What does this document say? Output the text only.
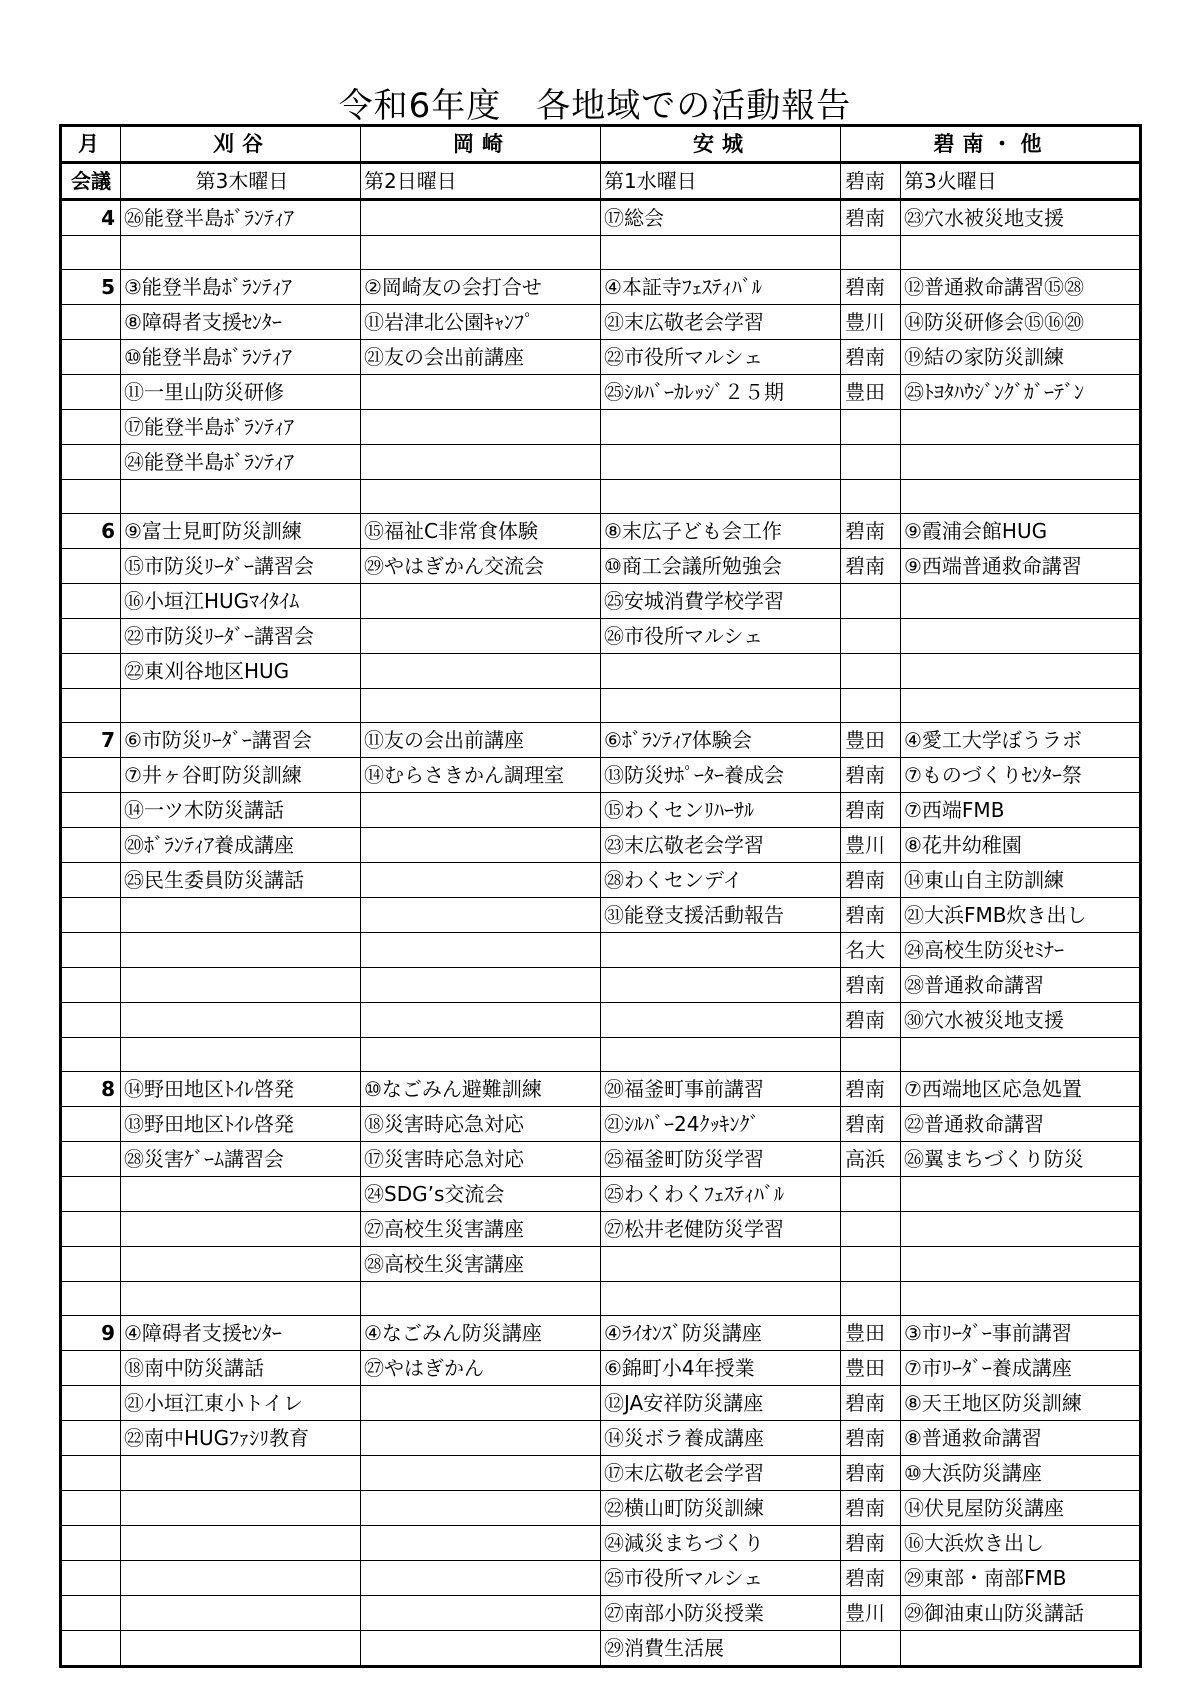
令和6年度　各地域での活動報告
月	刈谷	岡崎	安城	碧南・他	
会議	第3木曜日	第2日曜日	第1水曜日	碧南	第3火曜日
4	㉖能登半島ﾎﾞﾗﾝﾃｨｱ		⑰総会	碧南	㉓穴水被災地支援

5	③能登半島ﾎﾞﾗﾝﾃｨｱ	②岡崎友の会打合せ	④本証寺ﾌｪｽﾃｨﾊﾞﾙ	碧南	⑫普通救命講習⑮㉘
	⑧障碍者支援ｾﾝﾀｰ	⑪岩津北公園ｷｬﾝﾌﾟ	㉑末広敬老会学習	豊川	⑭防災研修会⑮⑯⑳
	⑩能登半島ﾎﾞﾗﾝﾃｨｱ	㉑友の会出前講座	㉒市役所マルシェ	碧南	⑲結の家防災訓練
	⑪一里山防災研修		㉕ｼﾙﾊﾞｰｶﾚｯｼﾞ２５期	豊田	㉕ﾄﾖﾀﾊｳｼﾞﾝｸﾞｶﾞｰﾃﾞﾝ
	⑰能登半島ﾎﾞﾗﾝﾃｨｱ				
	㉔能登半島ﾎﾞﾗﾝﾃｨｱ				

6	⑨富士見町防災訓練	⑮福祉C非常食体験	⑧末広子ども会工作	碧南	⑨霞浦会館HUG
	⑮市防災ﾘｰﾀﾞｰ講習会	㉙やはぎかん交流会	⑩商工会議所勉強会	碧南	⑨西端普通救命講習
	⑯小垣江HUGﾏｲﾀｲﾑ		㉕安城消費学校学習		
	㉒市防災ﾘｰﾀﾞｰ講習会		㉖市役所マルシェ		
	㉒東刈谷地区HUG				

7	⑥市防災ﾘｰﾀﾞｰ講習会	⑪友の会出前講座	⑥ﾎﾞﾗﾝﾃｨｱ体験会	豊田	④愛工大学ぼうラボ
	⑦井ヶ谷町防災訓練	⑭むらさきかん調理室	⑬防災ｻﾎﾟｰﾀｰ養成会	碧南	⑦ものづくりｾﾝﾀｰ祭
	⑭一ツ木防災講話		⑮わくセンﾘﾊｰｻﾙ	碧南	⑦西端FMB
	⑳ﾎﾞﾗﾝﾃｨｱ養成講座		㉓末広敬老会学習	豊川	⑧花井幼稚園
	㉕民生委員防災講話		㉘わくセンデイ	碧南	⑭東山自主防訓練
			㉛能登支援活動報告	碧南	㉑大浜FMB炊き出し
				名大	㉔高校生防災ｾﾐﾅｰ
				碧南	㉘普通救命講習
				碧南	㉚穴水被災地支援

8	⑭野田地区ﾄｲﾚ啓発	⑩なごみん避難訓練	⑳福釜町事前講習	碧南	⑦西端地区応急処置
	⑬野田地区ﾄｲﾚ啓発	⑱災害時応急対応	㉑ｼﾙﾊﾞｰ24ｸｯｷﾝｸﾞ	碧南	㉒普通救命講習
	㉘災害ｹﾞｰﾑ講習会	⑰災害時応急対応	㉕福釜町防災学習	高浜	㉖翼まちづくり防災
		㉔SDG’s交流会	㉕わくわくﾌｪｽﾃｨﾊﾞﾙ		
		㉗高校生災害講座	㉗松井老健防災学習		
		㉘高校生災害講座			

9	④障碍者支援ｾﾝﾀｰ	④なごみん防災講座	④ﾗｲｵﾝｽﾞ防災講座	豊田	③市ﾘｰﾀﾞｰ事前講習
	⑱南中防災講話	㉗やはぎかん	⑥錦町小4年授業	豊田	⑦市ﾘｰﾀﾞｰ養成講座
	㉑小垣江東小トイレ		⑫JA安祥防災講座	碧南	⑧天王地区防災訓練
	㉒南中HUGﾌｧｼﾘ教育		⑭災ボラ養成講座	碧南	⑧普通救命講習
			⑰末広敬老会学習	碧南	⑩大浜防災講座
			㉒横山町防災訓練	碧南	⑭伏見屋防災講座
			㉔減災まちづくり	碧南	⑯大浜炊き出し
			㉕市役所マルシェ	碧南	㉙東部・南部FMB
			㉗南部小防災授業	豊川	㉙御油東山防災講話
			㉙消費生活展		
